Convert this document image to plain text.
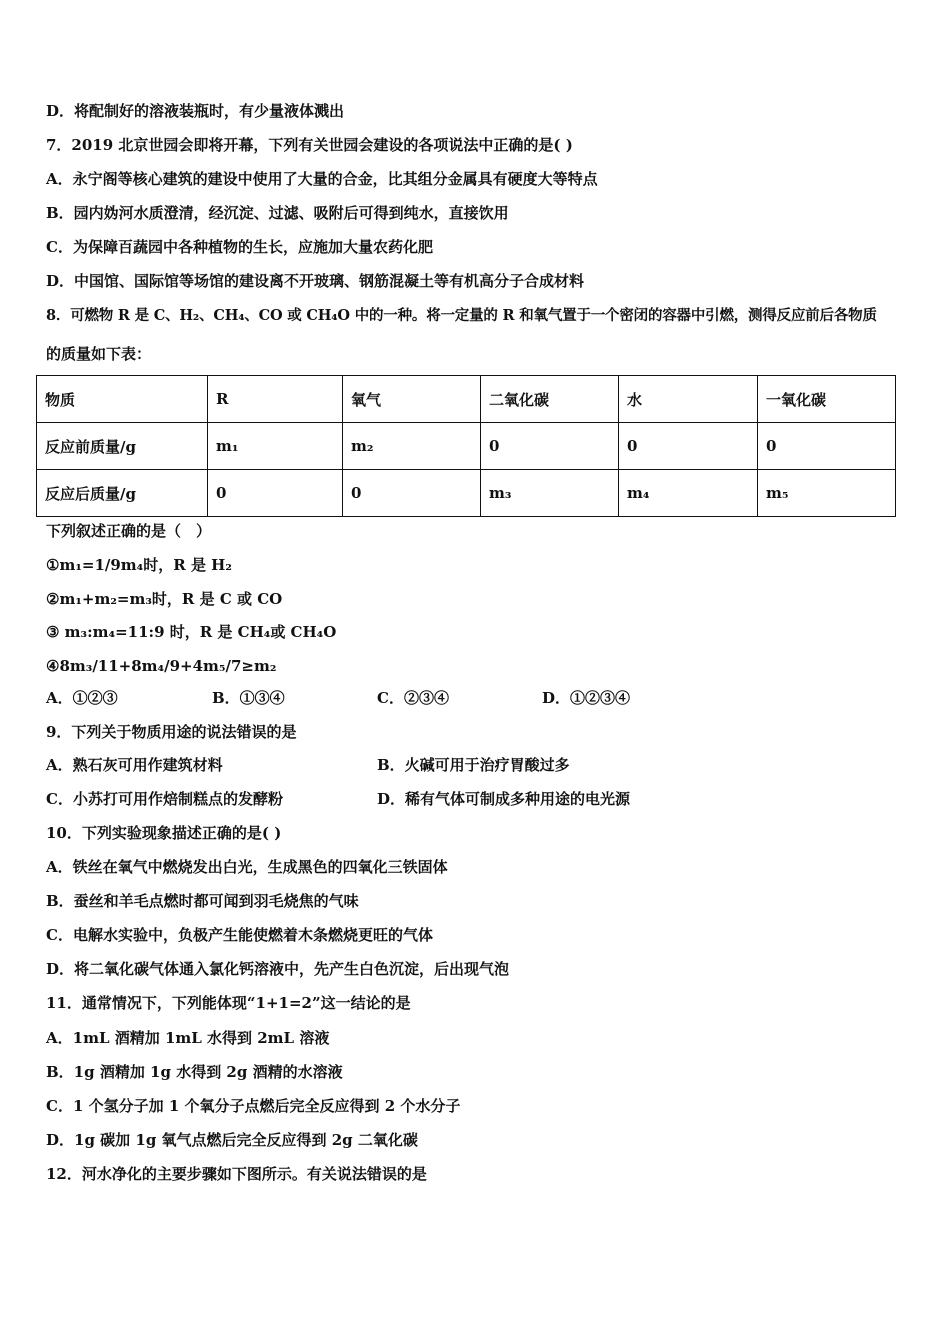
D．将配制好的溶液装瓶时，有少量液体溅出
7．2019 北京世园会即将开幕，下列有关世园会建设的各项说法中正确的是( )
A．永宁阁等核心建筑的建设中使用了大量的合金，比其组分金属具有硬度大等特点
B．园内妫河水质澄清，经沉淀、过滤、吸附后可得到纯水，直接饮用
C．为保障百蔬园中各种植物的生长，应施加大量农药化肥
D．中国馆、国际馆等场馆的建设离不开玻璃、钢筋混凝土等有机高分子合成材料
8．可燃物 R 是 C、H₂、CH₄、CO 或 CH₄O 中的一种。将一定量的 R 和氧气置于一个密闭的容器中引燃，测得反应前后各物质
的质量如下表：
物质	R	氧气	二氧化碳	水	一氧化碳
反应前质量/g	m₁	m₂	0	0	0
反应后质量/g	0	0	m₃	m₄	m₅
下列叙述正确的是（　）
①m₁=1/9m₄时，R 是 H₂
②m₁+m₂=m₃时，R 是 C 或 CO
③ m₃:m₄=11:9 时，R 是 CH₄或 CH₄O
④8m₃/11+8m₄/9+4m₅/7≥m₂
A．①②③	B．①③④	C．②③④	D．①②③④
9．下列关于物质用途的说法错误的是
A．熟石灰可用作建筑材料	B．火碱可用于治疗胃酸过多
C．小苏打可用作焙制糕点的发酵粉	D．稀有气体可制成多种用途的电光源
10．下列实验现象描述正确的是( )
A．铁丝在氧气中燃烧发出白光，生成黑色的四氧化三铁固体
B．蚕丝和羊毛点燃时都可闻到羽毛烧焦的气味
C．电解水实验中，负极产生能使燃着木条燃烧更旺的气体
D．将二氧化碳气体通入氯化钙溶液中，先产生白色沉淀，后出现气泡
11．通常情况下，下列能体现“1+1=2”这一结论的是
A．1mL 酒精加 1mL 水得到 2mL 溶液
B．1g 酒精加 1g 水得到 2g 酒精的水溶液
C．1 个氢分子加 1 个氧分子点燃后完全反应得到 2 个水分子
D．1g 碳加 1g 氧气点燃后完全反应得到 2g 二氧化碳
12．河水净化的主要步骤如下图所示。有关说法错误的是
